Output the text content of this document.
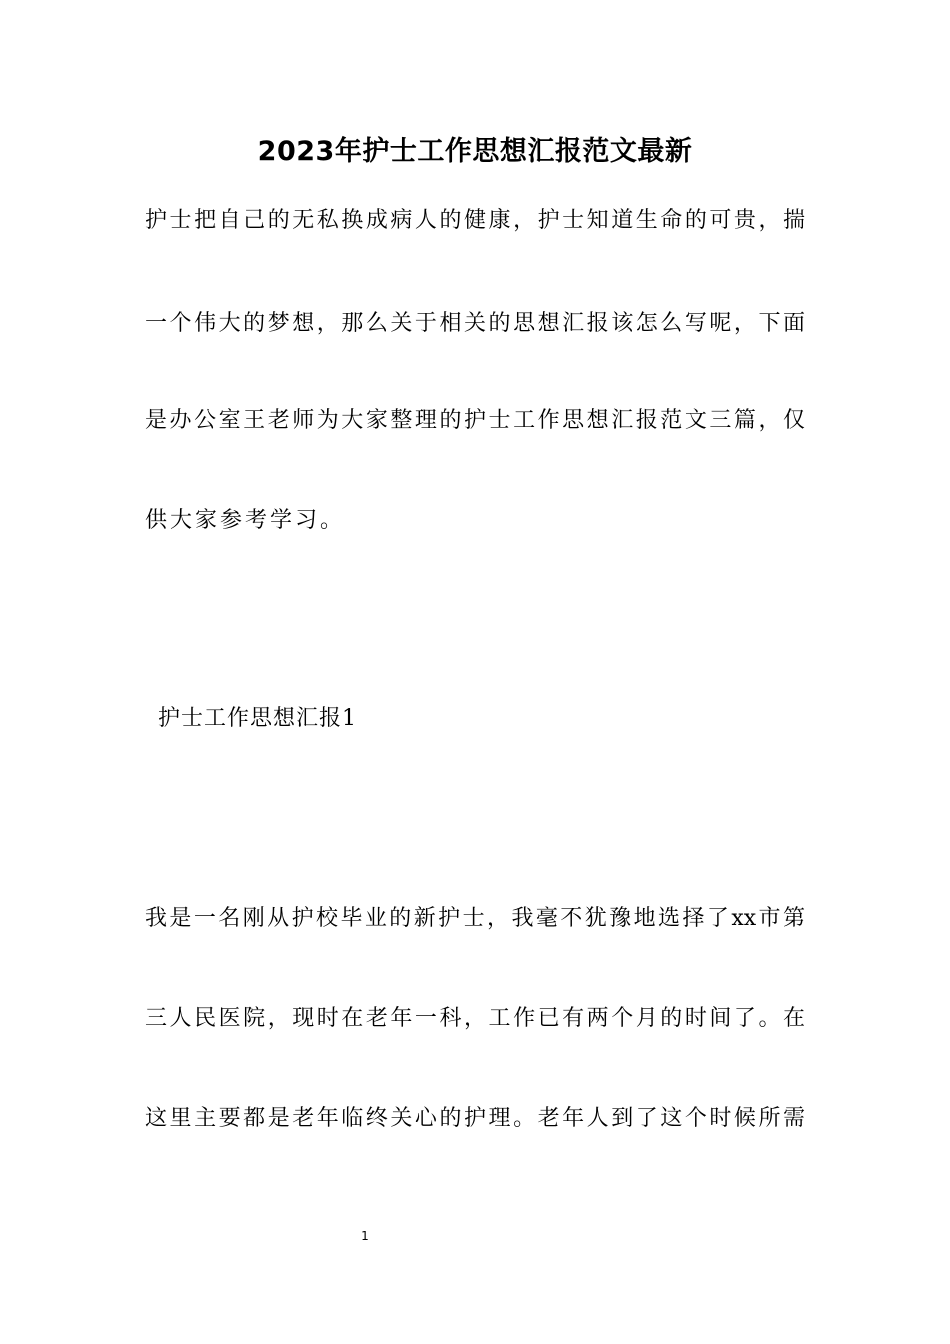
2023年护士工作思想汇报范文最新
护士把自己的无私换成病人的健康，护士知道生命的可贵，揣
一个伟大的梦想，那么关于相关的思想汇报该怎么写呢，下面
是办公室王老师为大家整理的护士工作思想汇报范文三篇，仅
供大家参考学习。
护士工作思想汇报1
我是一名刚从护校毕业的新护士，我毫不犹豫地选择了xx市第
三人民医院，现时在老年一科，工作已有两个月的时间了。在
这里主要都是老年临终关心的护理。老年人到了这个时候所需
1
